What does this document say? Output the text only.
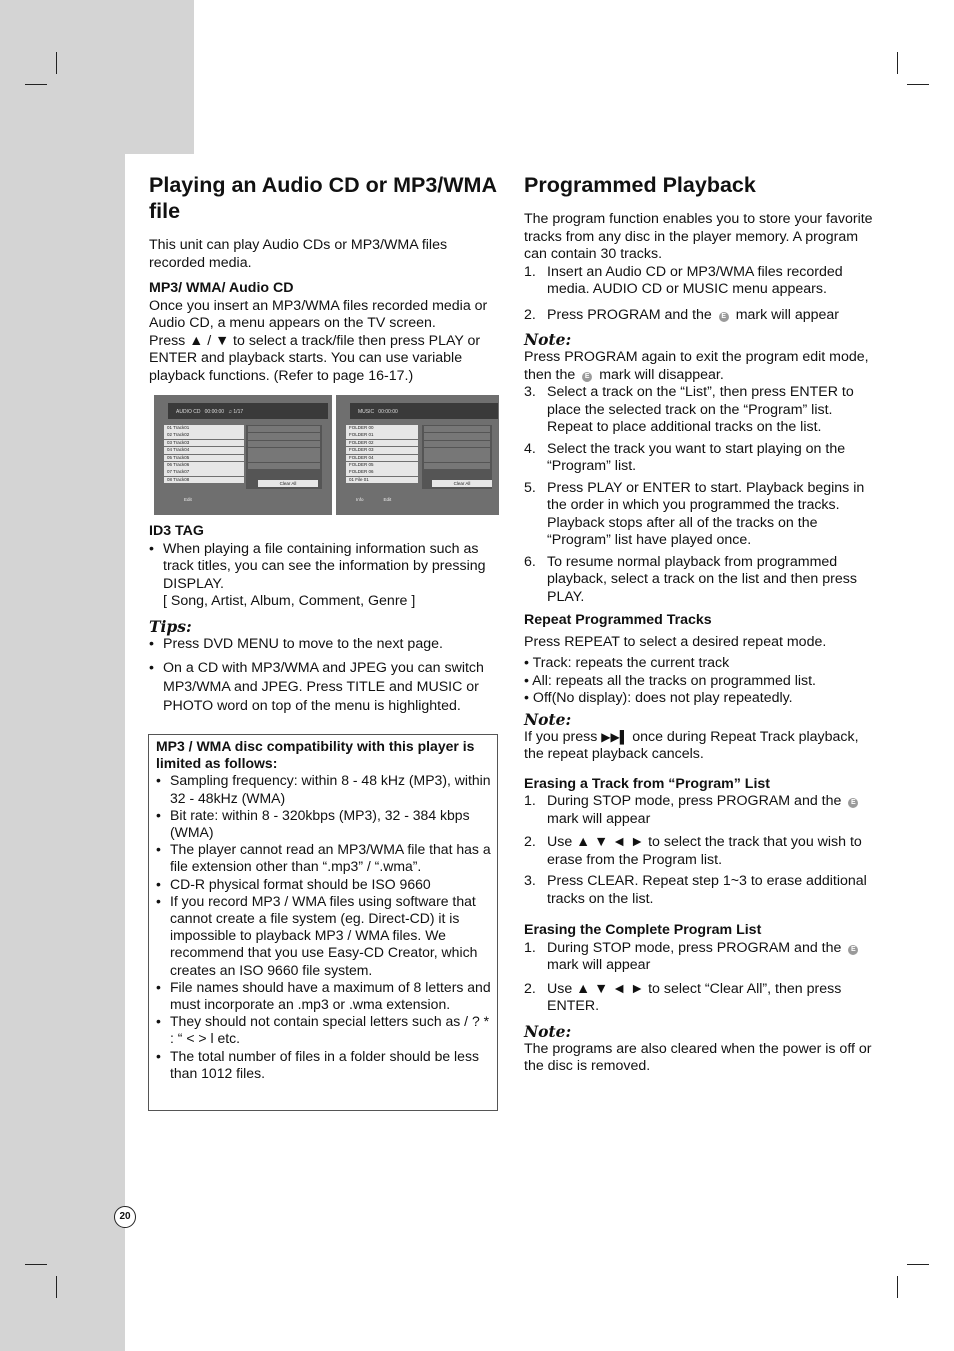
Playing an Audio CD or MP3/WMA file

This unit can play Audio CDs or MP3/WMA files recorded media.

MP3/ WMA/ Audio CD

Once you insert an MP3/WMA files recorded media or Audio CD, a menu appears on the TV screen.

Press ▲ / ▼ to select a track/file then press PLAY or ENTER and playback starts. You can use variable playback functions. (Refer to page 16-17.)

AUDIO CD 00:00:00   ♫ 1/17
01 Track01
02 Track02
03 Track03
04 Track04
05 Track05
06 Track06
07 Track07
08 Track08
Clear All
Edit
MUSIC 00:00:00
FOLDER 00
FOLDER 01
FOLDER 02
FOLDER 03
FOLDER 04
FOLDER 05
FOLDER 06
01 File 01
Clear All
Info	Edit

ID3 TAG

• When playing a file containing information such as track titles, you can see the information by pressing DISPLAY.
[ Song, Artist, Album, Comment, Genre ]

Tips:

• Press DVD MENU to move to the next page.
• On a CD with MP3/WMA and JPEG you can switch MP3/WMA and JPEG. Press TITLE and MUSIC or PHOTO word on top of the menu is highlighted.

MP3 / WMA disc compatibility with this player is limited as follows:

• Sampling frequency: within 8 - 48 kHz (MP3), within 32 - 48kHz (WMA)
• Bit rate: within 8 - 320kbps (MP3), 32 - 384 kbps (WMA)
• The player cannot read an MP3/WMA file that has a file extension other than “.mp3” / “.wma”.
• CD-R physical format should be ISO 9660
• If you record MP3 / WMA files using software that cannot create a file system (eg. Direct-CD) it is impossible to playback MP3 / WMA files. We recommend that you use Easy-CD Creator, which creates an ISO 9660 file system.
• File names should have a maximum of 8 letters and must incorporate an .mp3 or .wma extension.
• They should not contain special letters such as / ? * : “ < > l etc.
• The total number of files in a folder should be less than 1012 files.
Programmed Playback

The program function enables you to store your favorite tracks from any disc in the player memory. A program can contain 30 tracks.

1. Insert an Audio CD or MP3/WMA files recorded media. AUDIO CD or MUSIC menu appears.
2. Press PROGRAM and the E mark will appear

Note:

Press PROGRAM again to exit the program edit mode, then the E mark will disappear.

3. Select a track on the “List”, then press ENTER to place the selected track on the “Program” list. Repeat to place additional tracks on the list.
4. Select the track you want to start playing on the “Program” list.
5. Press PLAY or ENTER to start. Playback begins in the order in which you programmed the tracks. Playback stops after all of the tracks on the “Program” list have played once.
6. To resume normal playback from programmed playback, select a track on the list and then press PLAY.

Repeat Programmed Tracks

Press REPEAT to select a desired repeat mode.

• Track: repeats the current track

• All: repeats all the tracks on programmed list.

• Off(No display): does not play repeatedly.

Note:

If you press ▶▶▌ once during Repeat Track playback, the repeat playback cancels.

Erasing a Track from “Program” List

1. During STOP mode, press PROGRAM and the E
mark will appear
2. Use ▲ ▼ ◄ ► to select the track that you wish to erase from the Program list.
3. Press CLEAR. Repeat step 1~3 to erase additional tracks on the list.

Erasing the Complete Program List

1. During STOP mode, press PROGRAM and the E
mark will appear
2. Use ▲ ▼ ◄ ► to select “Clear All”, then press ENTER.

Note:

The programs are also cleared when the power is off or the disc is removed.

20
